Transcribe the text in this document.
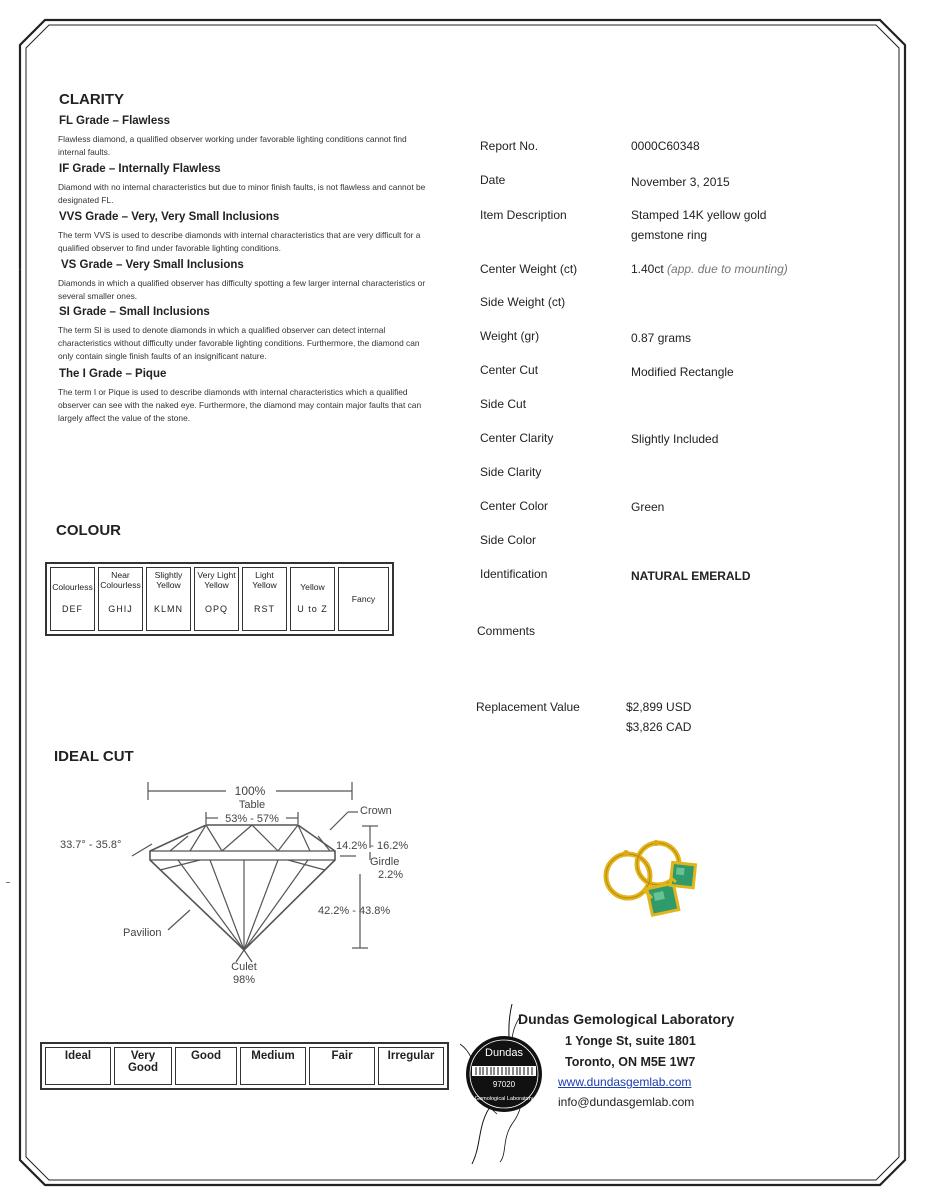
CLARITY
FL Grade – Flawless
Flawless diamond, a qualified observer working under favorable lighting conditions cannot find internal faults.
IF Grade – Internally Flawless
Diamond with no internal characteristics but due to minor finish faults, is not flawless and cannot be designated FL.
VVS Grade – Very, Very Small Inclusions
The term VVS is used to describe diamonds with internal characteristics that are very difficult for a qualified observer to find under favorable lighting conditions.
VS Grade – Very Small Inclusions
Diamonds in which a qualified observer has difficulty spotting a few larger internal characteristics or several smaller ones.
SI Grade – Small Inclusions
The term SI is used to denote diamonds in which a qualified observer can detect internal characteristics without difficulty under favorable lighting conditions. Furthermore, the diamond can only contain single finish faults of an insignificant nature.
The I Grade – Pique
The term I or Pique is used to describe diamonds with internal characteristics which a qualified observer can see with the naked eye. Furthermore, the diamond may contain major faults that can largely affect the value of the stone.
COLOUR
Colourless
DEF

Near Colourless
GHIJ

Slightly Yellow
KLMN

Very Light Yellow
OPQ

Light Yellow
RST

Yellow
U to Z
	Fancy
IDEAL CUT
100%
Table
53% - 57%
Crown
33.7° - 35.8°	14.2% - 16.2%
Girdle
2.2%
42.2% - 43.8%
Pavilion
Culet
98%
Ideal	Very Good	Good	Medium	Fair	Irregular
Report No.	0000C60348
Date	November 3, 2015
Item Description	Stamped 14K yellow gold gemstone ring
Center Weight (ct)	1.40ct (app. due to mounting)
Side Weight (ct)
Weight (gr)	0.87 grams
Center Cut	Modified Rectangle
Side Cut
Center Clarity	Slightly Included
Side Clarity
Center Color	Green
Side Color
Identification	NATURAL EMERALD
Comments
Replacement Value	$2,899 USD
$3,826 CAD
Dundas
97020
Gemological Laboratory
Dundas Gemological Laboratory
1 Yonge St, suite 1801
Toronto, ON M5E 1W7
www.dundasgemlab.com
info@dundasgemlab.com
·
